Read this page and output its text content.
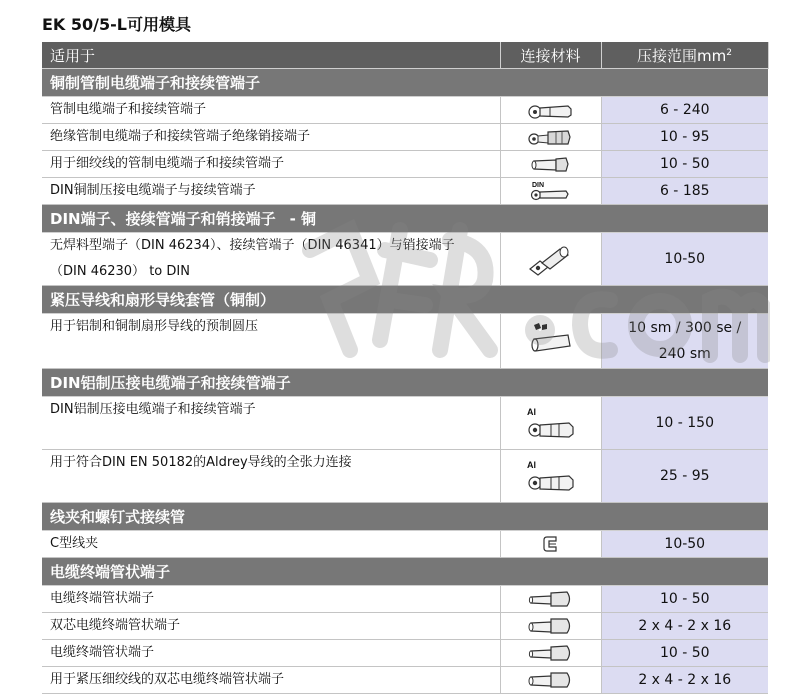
EK 50/5-L可用模具
适用于	连接材料	压接范围$mm^2$
铜制管制电缆端子和接续管端子		
管制电缆端子和接续管端子		6 - 240
绝缘管制电缆端子和接续管端子绝缘销接端子		10 - 95
用于细绞线的管制电缆端子和接续管端子		10 - 50
DIN铜制压接电缆端子与接续管端子	DIN	6 - 185
DIN端子、接续管端子和销接端子 - 铜		

无焊料型端子（DIN 46234）、接续管端子（DIN 46341）与销接端子
（DIN 46230） to DIN		10-50
紧压导线和扇形导线套管（铜制）		
用于铝制和铜制扇形导线的预制圆压		10 sm / 300 se /
240 sm

DIN铝制压接电缆端子和接续管端子		
DIN铝制压接电缆端子和接续管端子	Al	10 - 150
用于符合DIN EN 50182的Aldrey导线的全张力连接	Al	25 - 95
线夹和螺钉式接续管		
C型线夹		10-50
电缆终端管状端子		
电缆终端管状端子		10 - 50
双芯电缆终端管状端子		2 x 4 - 2 x 16
电缆终端管状端子		10 - 50
用于紧压细绞线的双芯电缆终端管状端子		2 x 4 - 2 x 16
